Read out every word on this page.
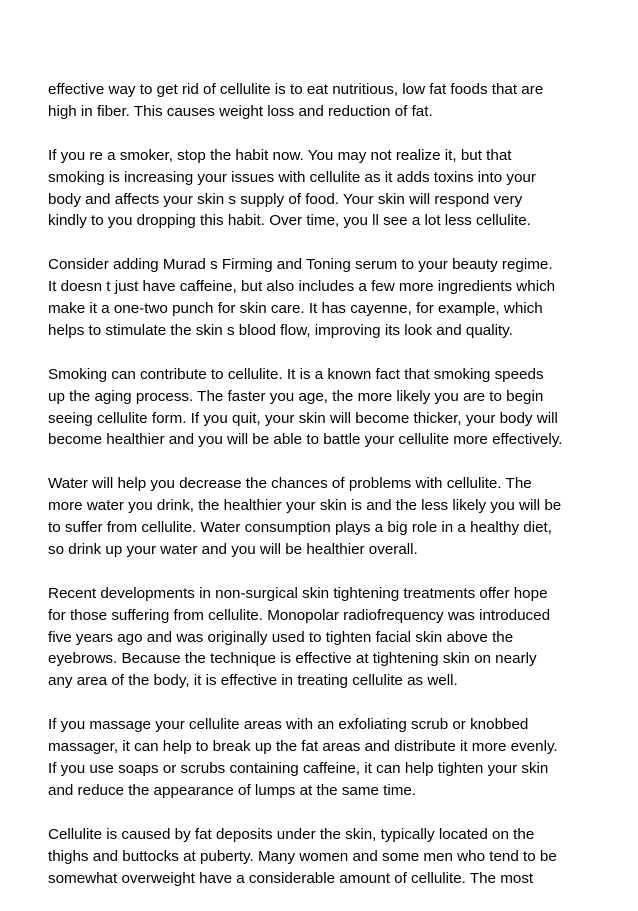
effective way to get rid of cellulite is to eat nutritious, low fat foods that are
high in fiber. This causes weight loss and reduction of fat.

If you re a smoker, stop the habit now. You may not realize it, but that
smoking is increasing your issues with cellulite as it adds toxins into your
body and affects your skin s supply of food. Your skin will respond very
kindly to you dropping this habit. Over time, you ll see a lot less cellulite.

Consider adding Murad s Firming and Toning serum to your beauty regime.
It doesn t just have caffeine, but also includes a few more ingredients which
make it a one-two punch for skin care. It has cayenne, for example, which
helps to stimulate the skin s blood flow, improving its look and quality.

Smoking can contribute to cellulite. It is a known fact that smoking speeds
up the aging process. The faster you age, the more likely you are to begin
seeing cellulite form. If you quit, your skin will become thicker, your body will
become healthier and you will be able to battle your cellulite more effectively.

Water will help you decrease the chances of problems with cellulite. The
more water you drink, the healthier your skin is and the less likely you will be
to suffer from cellulite. Water consumption plays a big role in a healthy diet,
so drink up your water and you will be healthier overall.

Recent developments in non-surgical skin tightening treatments offer hope
for those suffering from cellulite. Monopolar radiofrequency was introduced
five years ago and was originally used to tighten facial skin above the
eyebrows. Because the technique is effective at tightening skin on nearly
any area of the body, it is effective in treating cellulite as well.

If you massage your cellulite areas with an exfoliating scrub or knobbed
massager, it can help to break up the fat areas and distribute it more evenly.
If you use soaps or scrubs containing caffeine, it can help tighten your skin
and reduce the appearance of lumps at the same time.

Cellulite is caused by fat deposits under the skin, typically located on the
thighs and buttocks at puberty. Many women and some men who tend to be
somewhat overweight have a considerable amount of cellulite. The most
